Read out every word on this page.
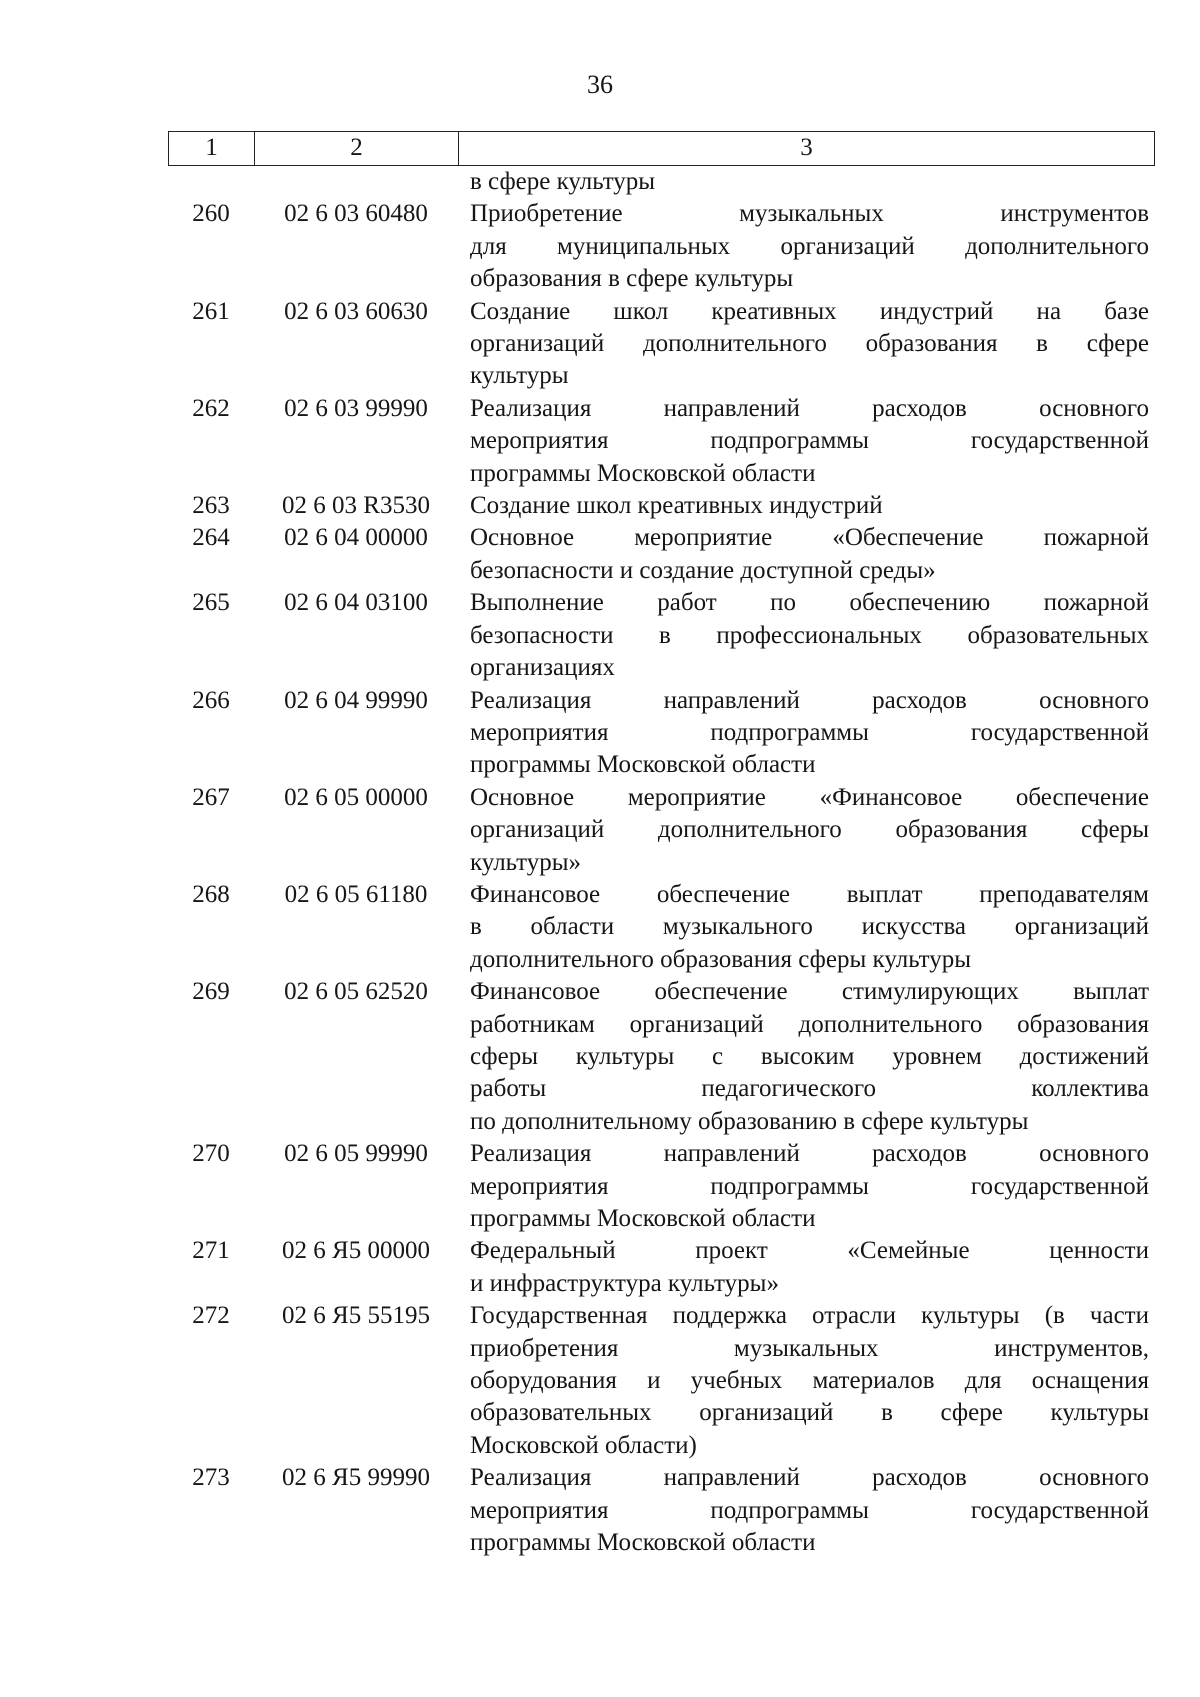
36
1	2	3
в сфере культуры
260	02 6 03 60480	Приобретение музыкальных инструментов
для муниципальных организаций дополнительного
образования в сфере культуры
261	02 6 03 60630	Создание школ креативных индустрий на базе
организаций дополнительного образования в сфере
культуры
262	02 6 03 99990	Реализация направлений расходов основного
мероприятия подпрограммы государственной
программы Московской области
263	02 6 03 R3530	Создание школ креативных индустрий
264	02 6 04 00000	Основное мероприятие «Обеспечение пожарной
безопасности и создание доступной среды»
265	02 6 04 03100	Выполнение работ по обеспечению пожарной
безопасности в профессиональных образовательных
организациях
266	02 6 04 99990	Реализация направлений расходов основного
мероприятия подпрограммы государственной
программы Московской области
267	02 6 05 00000	Основное мероприятие «Финансовое обеспечение
организаций дополнительного образования сферы
культуры»
268	02 6 05 61180	Финансовое обеспечение выплат преподавателям
в области музыкального искусства организаций
дополнительного образования сферы культуры
269	02 6 05 62520	Финансовое обеспечение стимулирующих выплат
работникам организаций дополнительного образования
сферы культуры с высоким уровнем достижений
работы педагогического коллектива
по дополнительному образованию в сфере культуры
270	02 6 05 99990	Реализация направлений расходов основного
мероприятия подпрограммы государственной
программы Московской области
271	02 6 Я5 00000	Федеральный проект «Семейные ценности
и инфраструктура культуры»
272	02 6 Я5 55195	Государственная поддержка отрасли культуры (в части
приобретения музыкальных инструментов,
оборудования и учебных материалов для оснащения
образовательных организаций в сфере культуры
Московской области)
273	02 6 Я5 99990	Реализация направлений расходов основного
мероприятия подпрограммы государственной
программы Московской области
